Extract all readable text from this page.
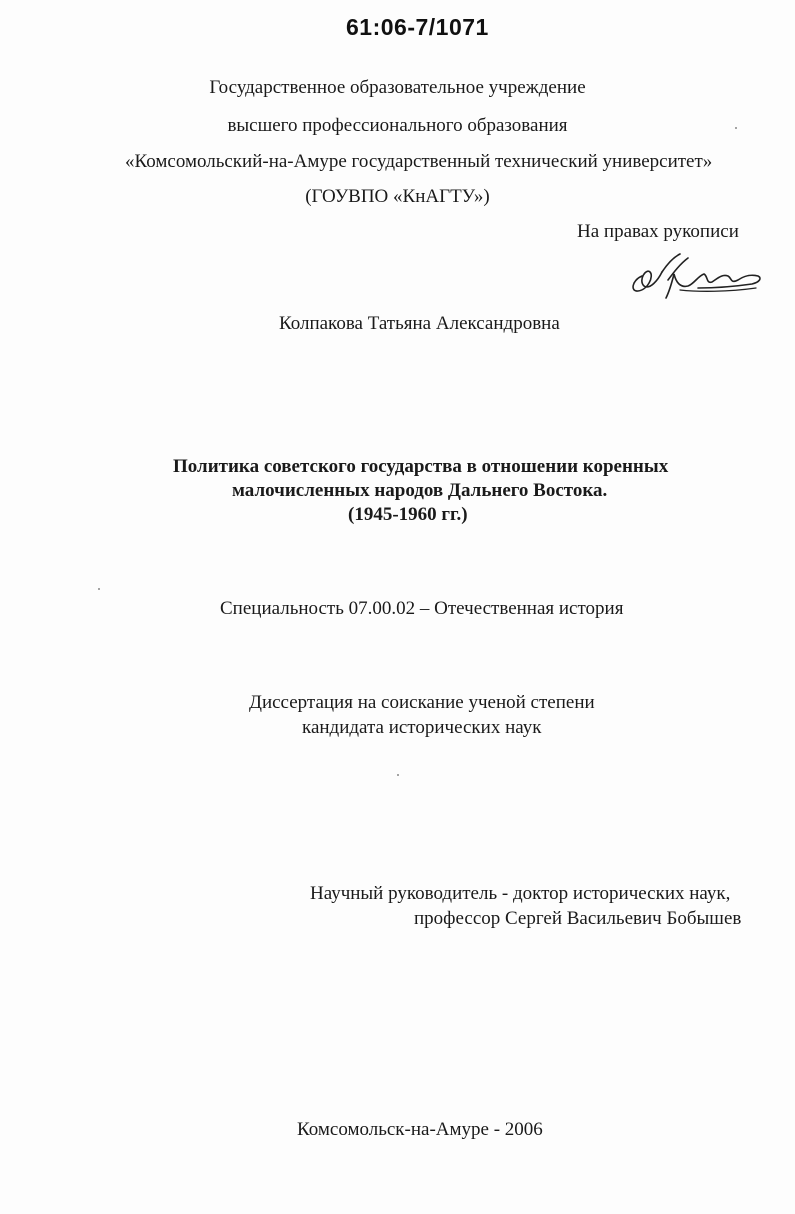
61:06-7/1071
Государственное образовательное учреждение
высшего профессионального образования
«Комсомольский-на-Амуре государственный технический университет»
(ГОУВПО «КнАГТУ»)
На правах рукописи
Колпакова Татьяна Александровна
Политика советского государства в отношении коренных
малочисленных народов Дальнего Востока.
(1945-1960 гг.)
Специальность 07.00.02 – Отечественная история
Диссертация на соискание ученой степени
кандидата исторических наук
Научный руководитель - доктор исторических наук,
профессор Сергей Васильевич Бобышев
Комсомольск-на-Амуре - 2006
